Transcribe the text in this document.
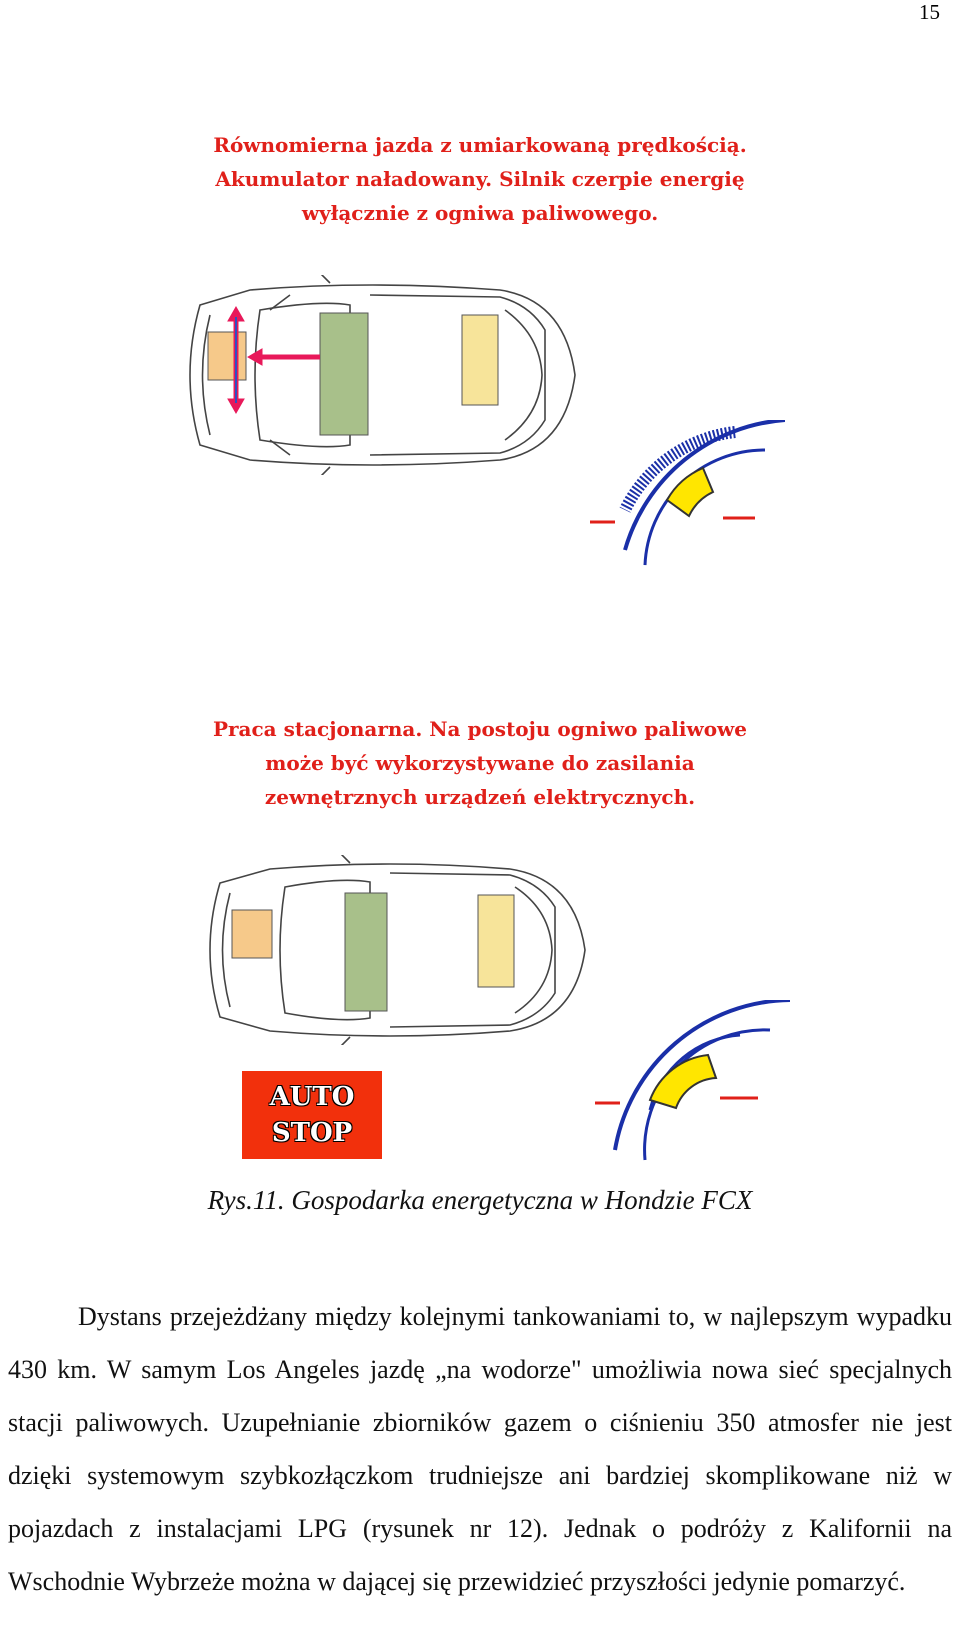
15
Równomierna jazda z umiarkowaną prędkością.
Akumulator naładowany. Silnik czerpie energię
wyłącznie z ogniwa paliwowego.
Praca stacjonarna. Na postoju ogniwo paliwowe
może być wykorzystywane do zasilania
zewnętrznych urządzeń elektrycznych.
AUTO
STOP
Rys.11. Gospodarka energetyczna w Hondzie FCX

Dystans przejeżdżany między kolejnymi tankowaniami to, w najlepszym wypadku 430 km. W samym Los Angeles jazdę „na wodorze" umożliwia nowa sieć specjalnych stacji paliwowych. Uzupełnianie zbiorników gazem o ciśnieniu 350 atmosfer nie jest dzięki systemowym szybkozłączkom trudniejsze ani bardziej skomplikowane niż w pojazdach z instalacjami LPG (rysunek nr 12). Jednak o podróży z Kalifornii na Wschodnie Wybrzeże można w dającej się przewidzieć przyszłości jedynie pomarzyć.
